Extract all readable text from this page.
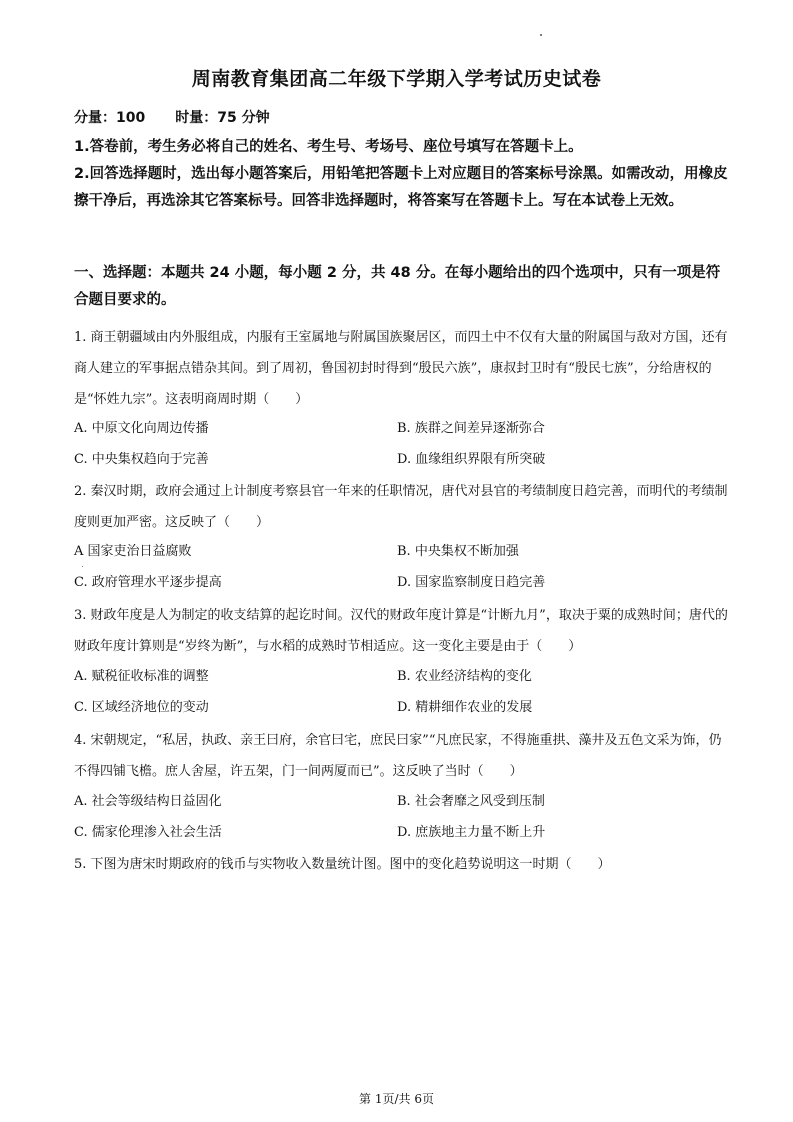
周南教育集团高二年级下学期入学考试历史试卷
分量：100 时量：75 分钟

1.答卷前，考生务必将自己的姓名、考生号、考场号、座位号填写在答题卡上。

2.回答选择题时，选出每小题答案后，用铅笔把答题卡上对应题目的答案标号涂黑。如需改动，用橡皮擦干净后，再选涂其它答案标号。回答非选择题时，将答案写在答题卡上。写在本试卷上无效。

一、选择题：本题共 24 小题，每小题 2 分，共 48 分。在每小题给出的四个选项中，只有一项是符合题目要求的。

1. 商王朝疆域由内外服组成，内服有王室属地与附属国族聚居区，而四土中不仅有大量的附属国与敌对方国，还有商人建立的军事据点错杂其间。到了周初，鲁国初封时得到“殷民六族”，康叔封卫时有“殷民七族”，分给唐权的是“怀姓九宗”。这表明商周时期（　　）

A. 中原文化向周边传播	B. 族群之间差异逐渐弥合
C. 中央集权趋向于完善	D. 血缘组织界限有所突破

2. 秦汉时期，政府会通过上计制度考察县官一年来的任职情况，唐代对县官的考绩制度日趋完善，而明代的考绩制度则更加严密。这反映了（　　）

A 国家吏治日益腐败	B. 中央集权不断加强
C. 政府管理水平逐步提高	D. 国家监察制度日趋完善

3. 财政年度是人为制定的收支结算的起讫时间。汉代的财政年度计算是“计断九月”，取决于粟的成熟时间；唐代的财政年度计算则是“岁终为断”，与水稻的成熟时节相适应。这一变化主要是由于（　　）

A. 赋税征收标准的调整	B. 农业经济结构的变化
C. 区域经济地位的变动	D. 精耕细作农业的发展

4. 宋朝规定，“私居，执政、亲王曰府，余官曰宅，庶民曰家”“凡庶民家，不得施重拱、藻井及五色文采为饰，仍不得四铺飞檐。庶人舍屋，许五架，门一间两厦而已”。这反映了当时（　　）

A. 社会等级结构日益固化	B. 社会奢靡之风受到压制
C. 儒家伦理渗入社会生活	D. 庶族地主力量不断上升

5. 下图为唐宋时期政府的钱币与实物收入数量统计图。图中的变化趋势说明这一时期（　　）

第 1页/共 6页
